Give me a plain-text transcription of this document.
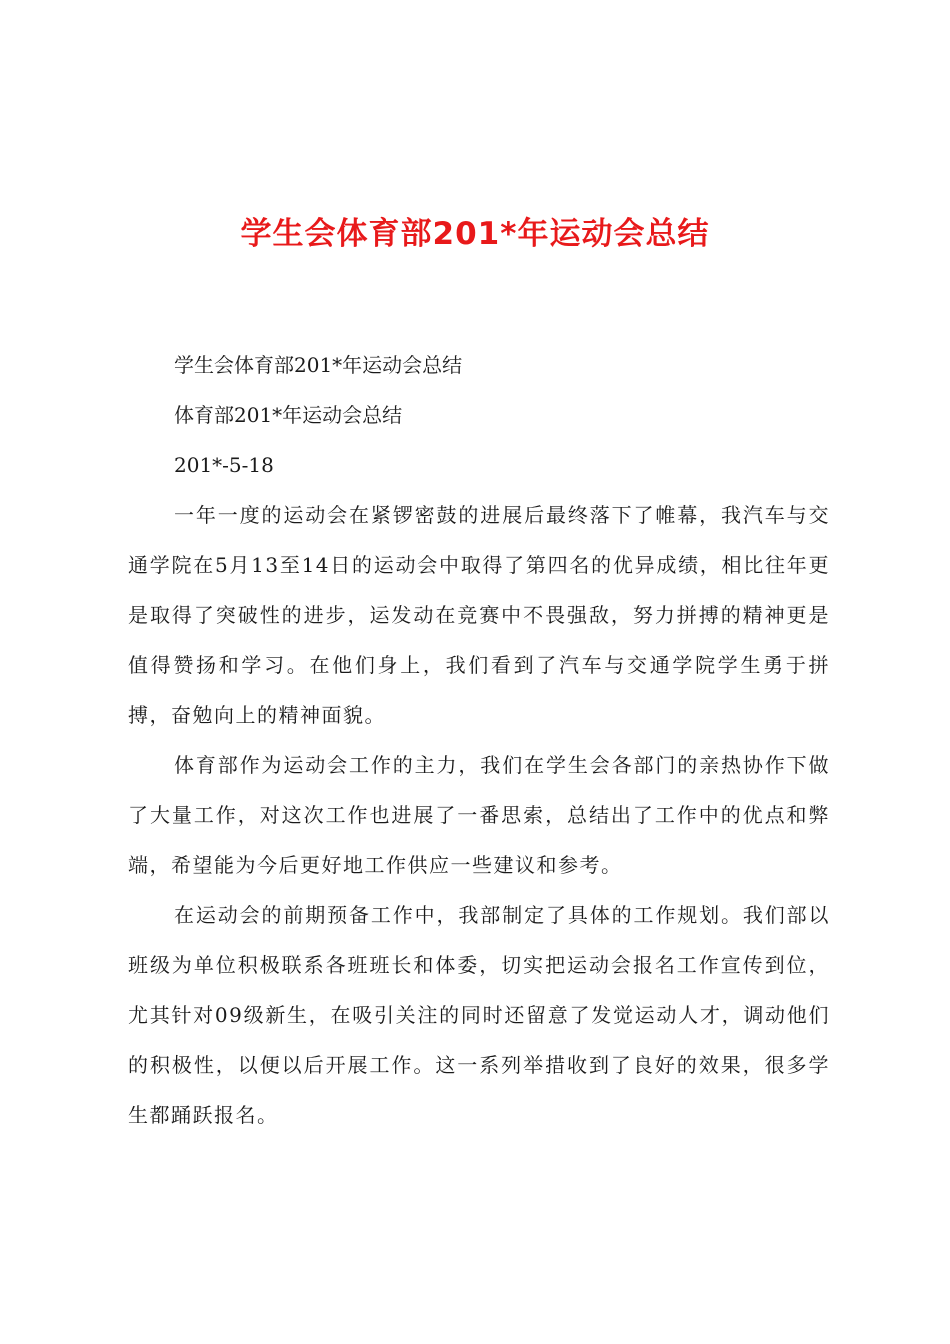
学生会体育部201*年运动会总结

学生会体育部201*年运动会总结

体育部201*年运动会总结

201*-5-18

一年一度的运动会在紧锣密鼓的进展后最终落下了帷幕，我汽车与交通学院在5月13至14日的运动会中取得了第四名的优异成绩，相比往年更是取得了突破性的进步，运发动在竞赛中不畏强敌，努力拼搏的精神更是值得赞扬和学习。在他们身上，我们看到了汽车与交通学院学生勇于拼搏，奋勉向上的精神面貌。

体育部作为运动会工作的主力，我们在学生会各部门的亲热协作下做了大量工作，对这次工作也进展了一番思索，总结出了工作中的优点和弊端，希望能为今后更好地工作供应一些建议和参考。

在运动会的前期预备工作中，我部制定了具体的工作规划。我们部以班级为单位积极联系各班班长和体委，切实把运动会报名工作宣传到位，尤其针对09级新生，在吸引关注的同时还留意了发觉运动人才，调动他们的积极性，以便以后开展工作。这一系列举措收到了良好的效果，很多学生都踊跃报名。
